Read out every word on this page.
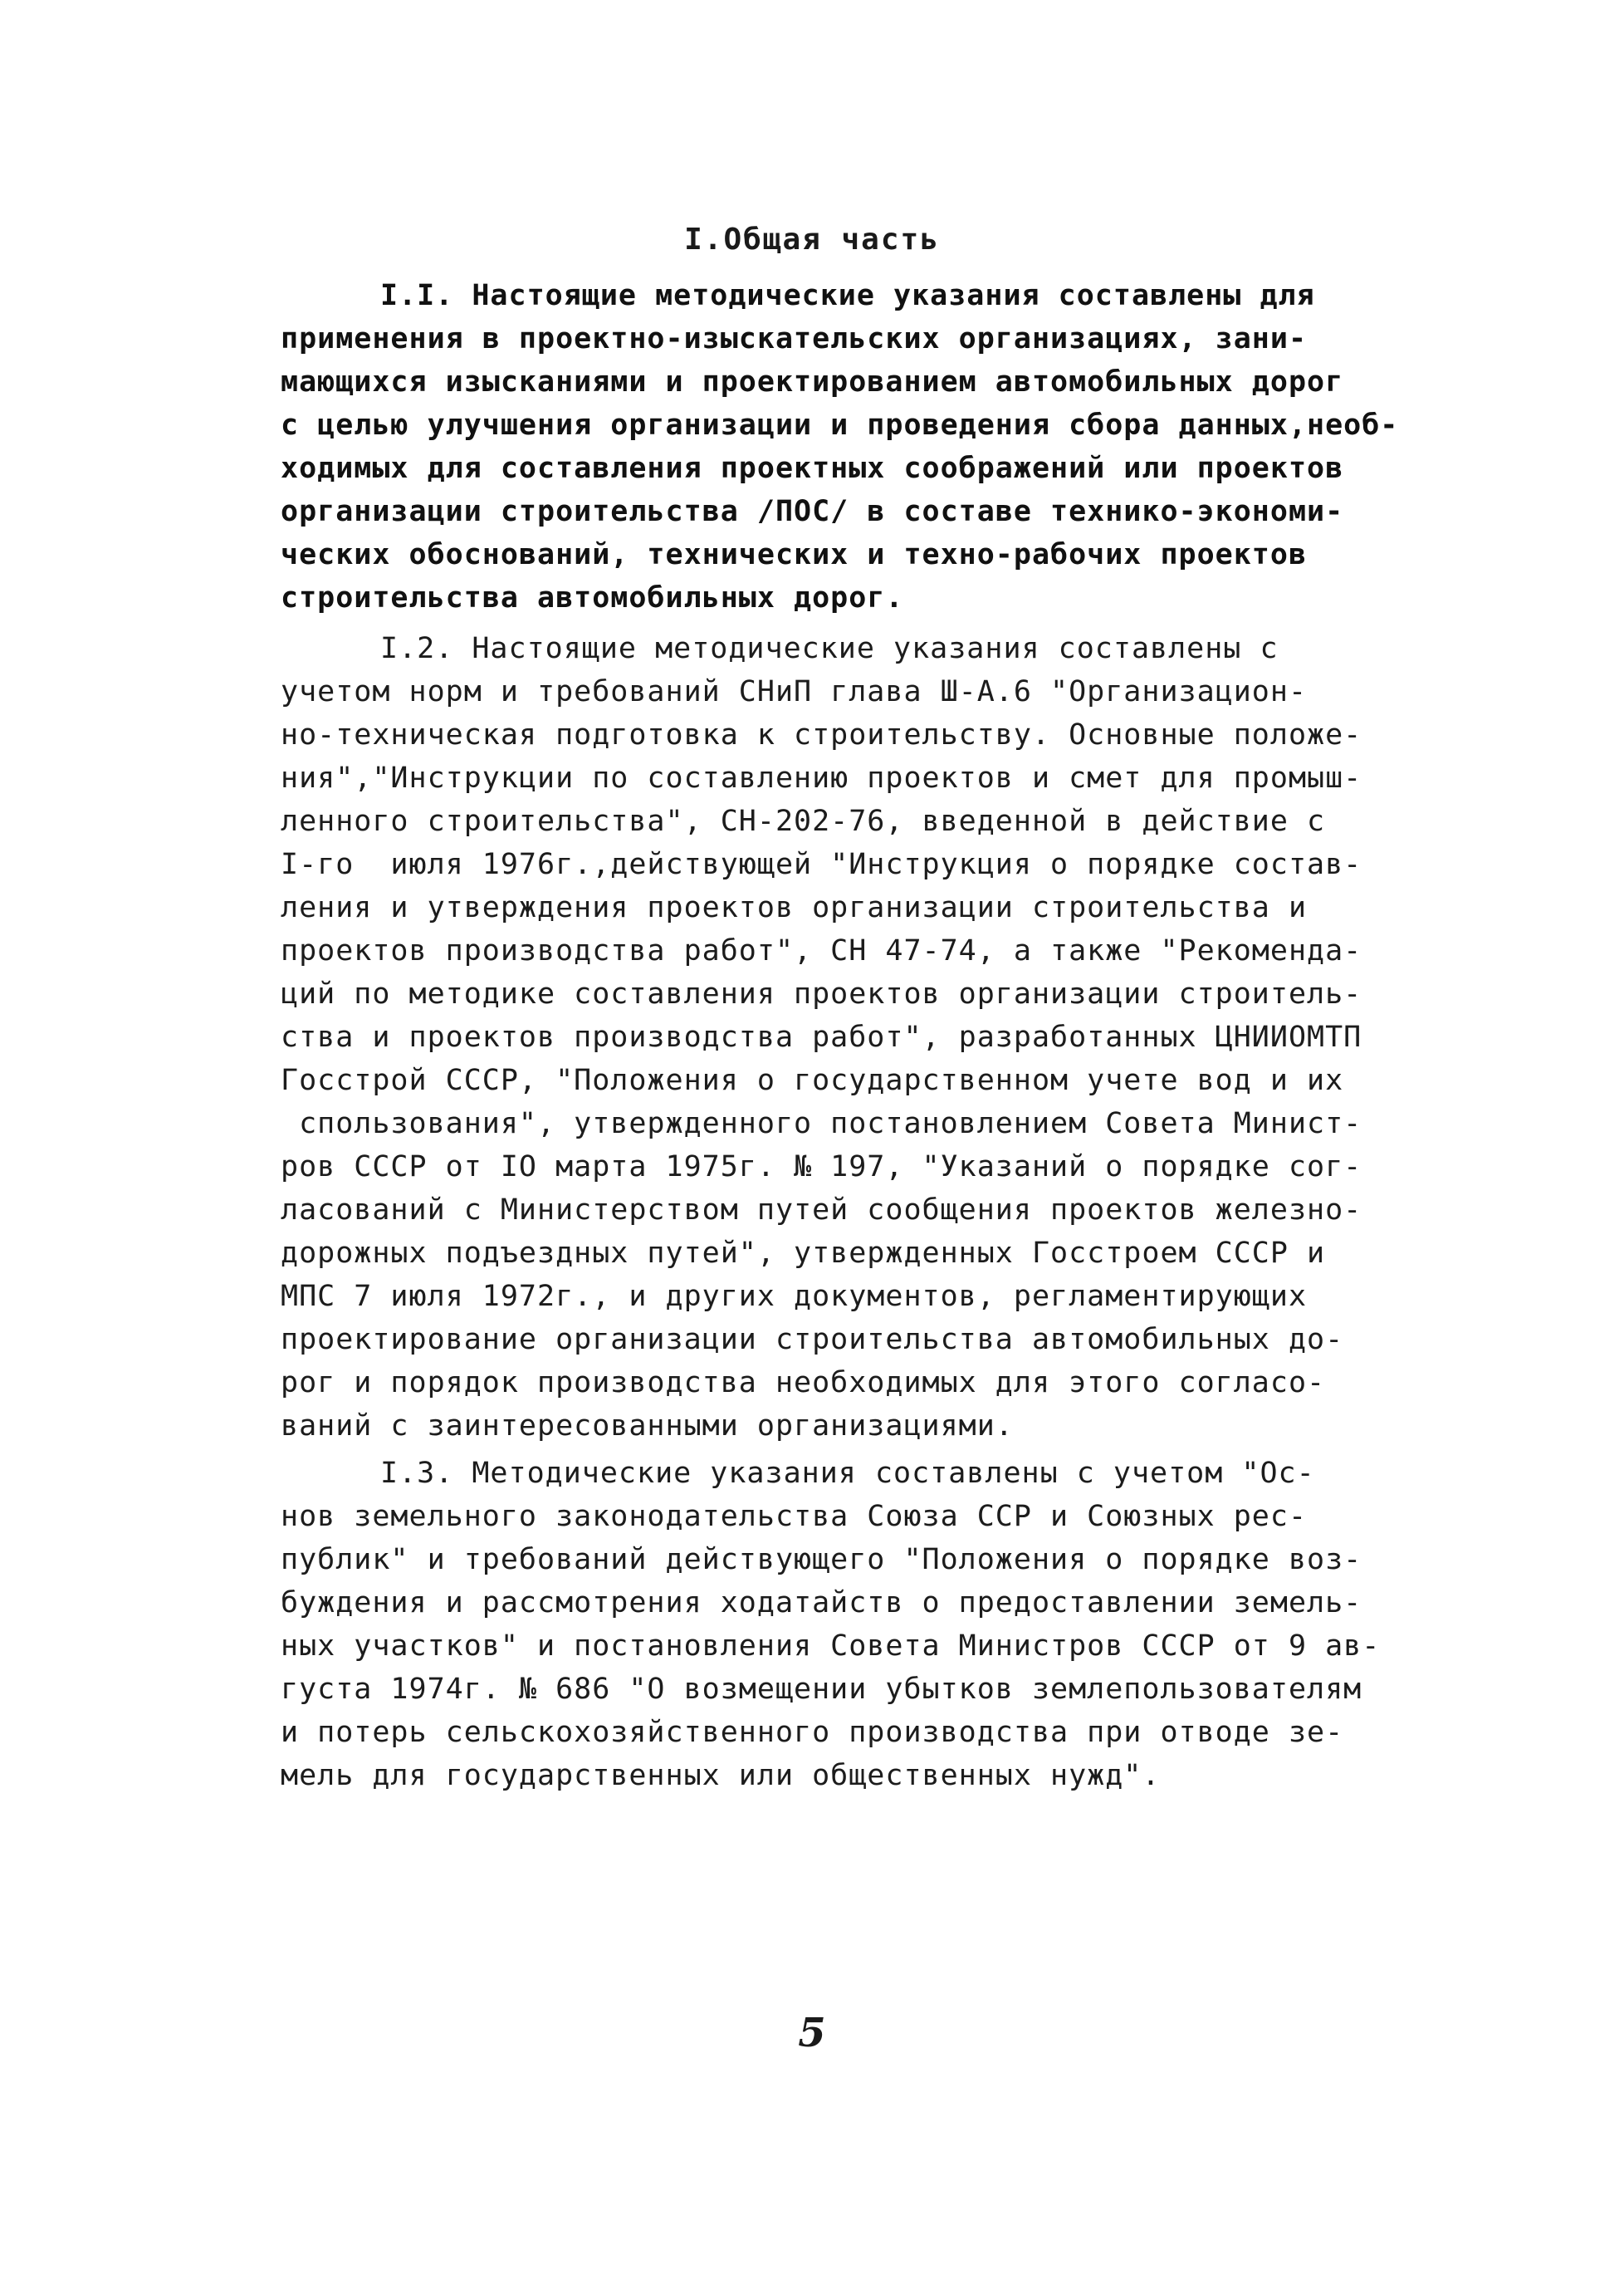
I.Общая часть
I.I. Настоящие методические указания составлены для
применения в проектно-изыскательских организациях, зани-
мающихся изысканиями и проектированием автомобильных дорог
с целью улучшения организации и проведения сбора данных,необ-
ходимых для составления проектных соображений или проектов
организации строительства /ПОС/ в составе технико-экономи-
ческих обоснований, технических и техно-рабочих проектов
строительства автомобильных дорог.
I.2. Настоящие методические указания составлены с
учетом норм и требований СНиП глава Ш-А.6 "Организацион-
но-техническая подготовка к строительству. Основные положе-
ния","Инструкции по составлению проектов и смет для промыш-
ленного строительства", СН-202-76, введенной в действие с
I-го  июля 1976г.,действующей "Инструкция о порядке состав-
ления и утверждения проектов организации строительства и
проектов производства работ", СН 47-74, а также "Рекоменда-
ций по методике составления проектов организации строитель-
ства и проектов производства работ", разработанных ЦНИИОМТП
Госстрой СССР, "Положения о государственном учете вод и их
спользования", утвержденного постановлением Совета Минист-
ров СССР от IO марта 1975г. № 197, "Указаний о порядке сог-
ласований с Министерством путей сообщения проектов железно-
дорожных подъездных путей", утвержденных Госстроем СССР и
МПС 7 июля 1972г., и других документов, регламентирующих
проектирование организации строительства автомобильных до-
рог и порядок производства необходимых для этого согласо-
ваний с заинтересованными организациями.
I.3. Методические указания составлены с учетом "Ос-
нов земельного законодательства Союза ССР и Союзных рес-
публик" и требований действующего "Положения о порядке воз-
буждения и рассмотрения ходатайств о предоставлении земель-
ных участков" и постановления Совета Министров СССР от 9 ав-
густа 1974г. № 686 "О возмещении убытков землепользователям
и потерь сельскохозяйственного производства при отводе зе-
мель для государственных или общественных нужд".
5
